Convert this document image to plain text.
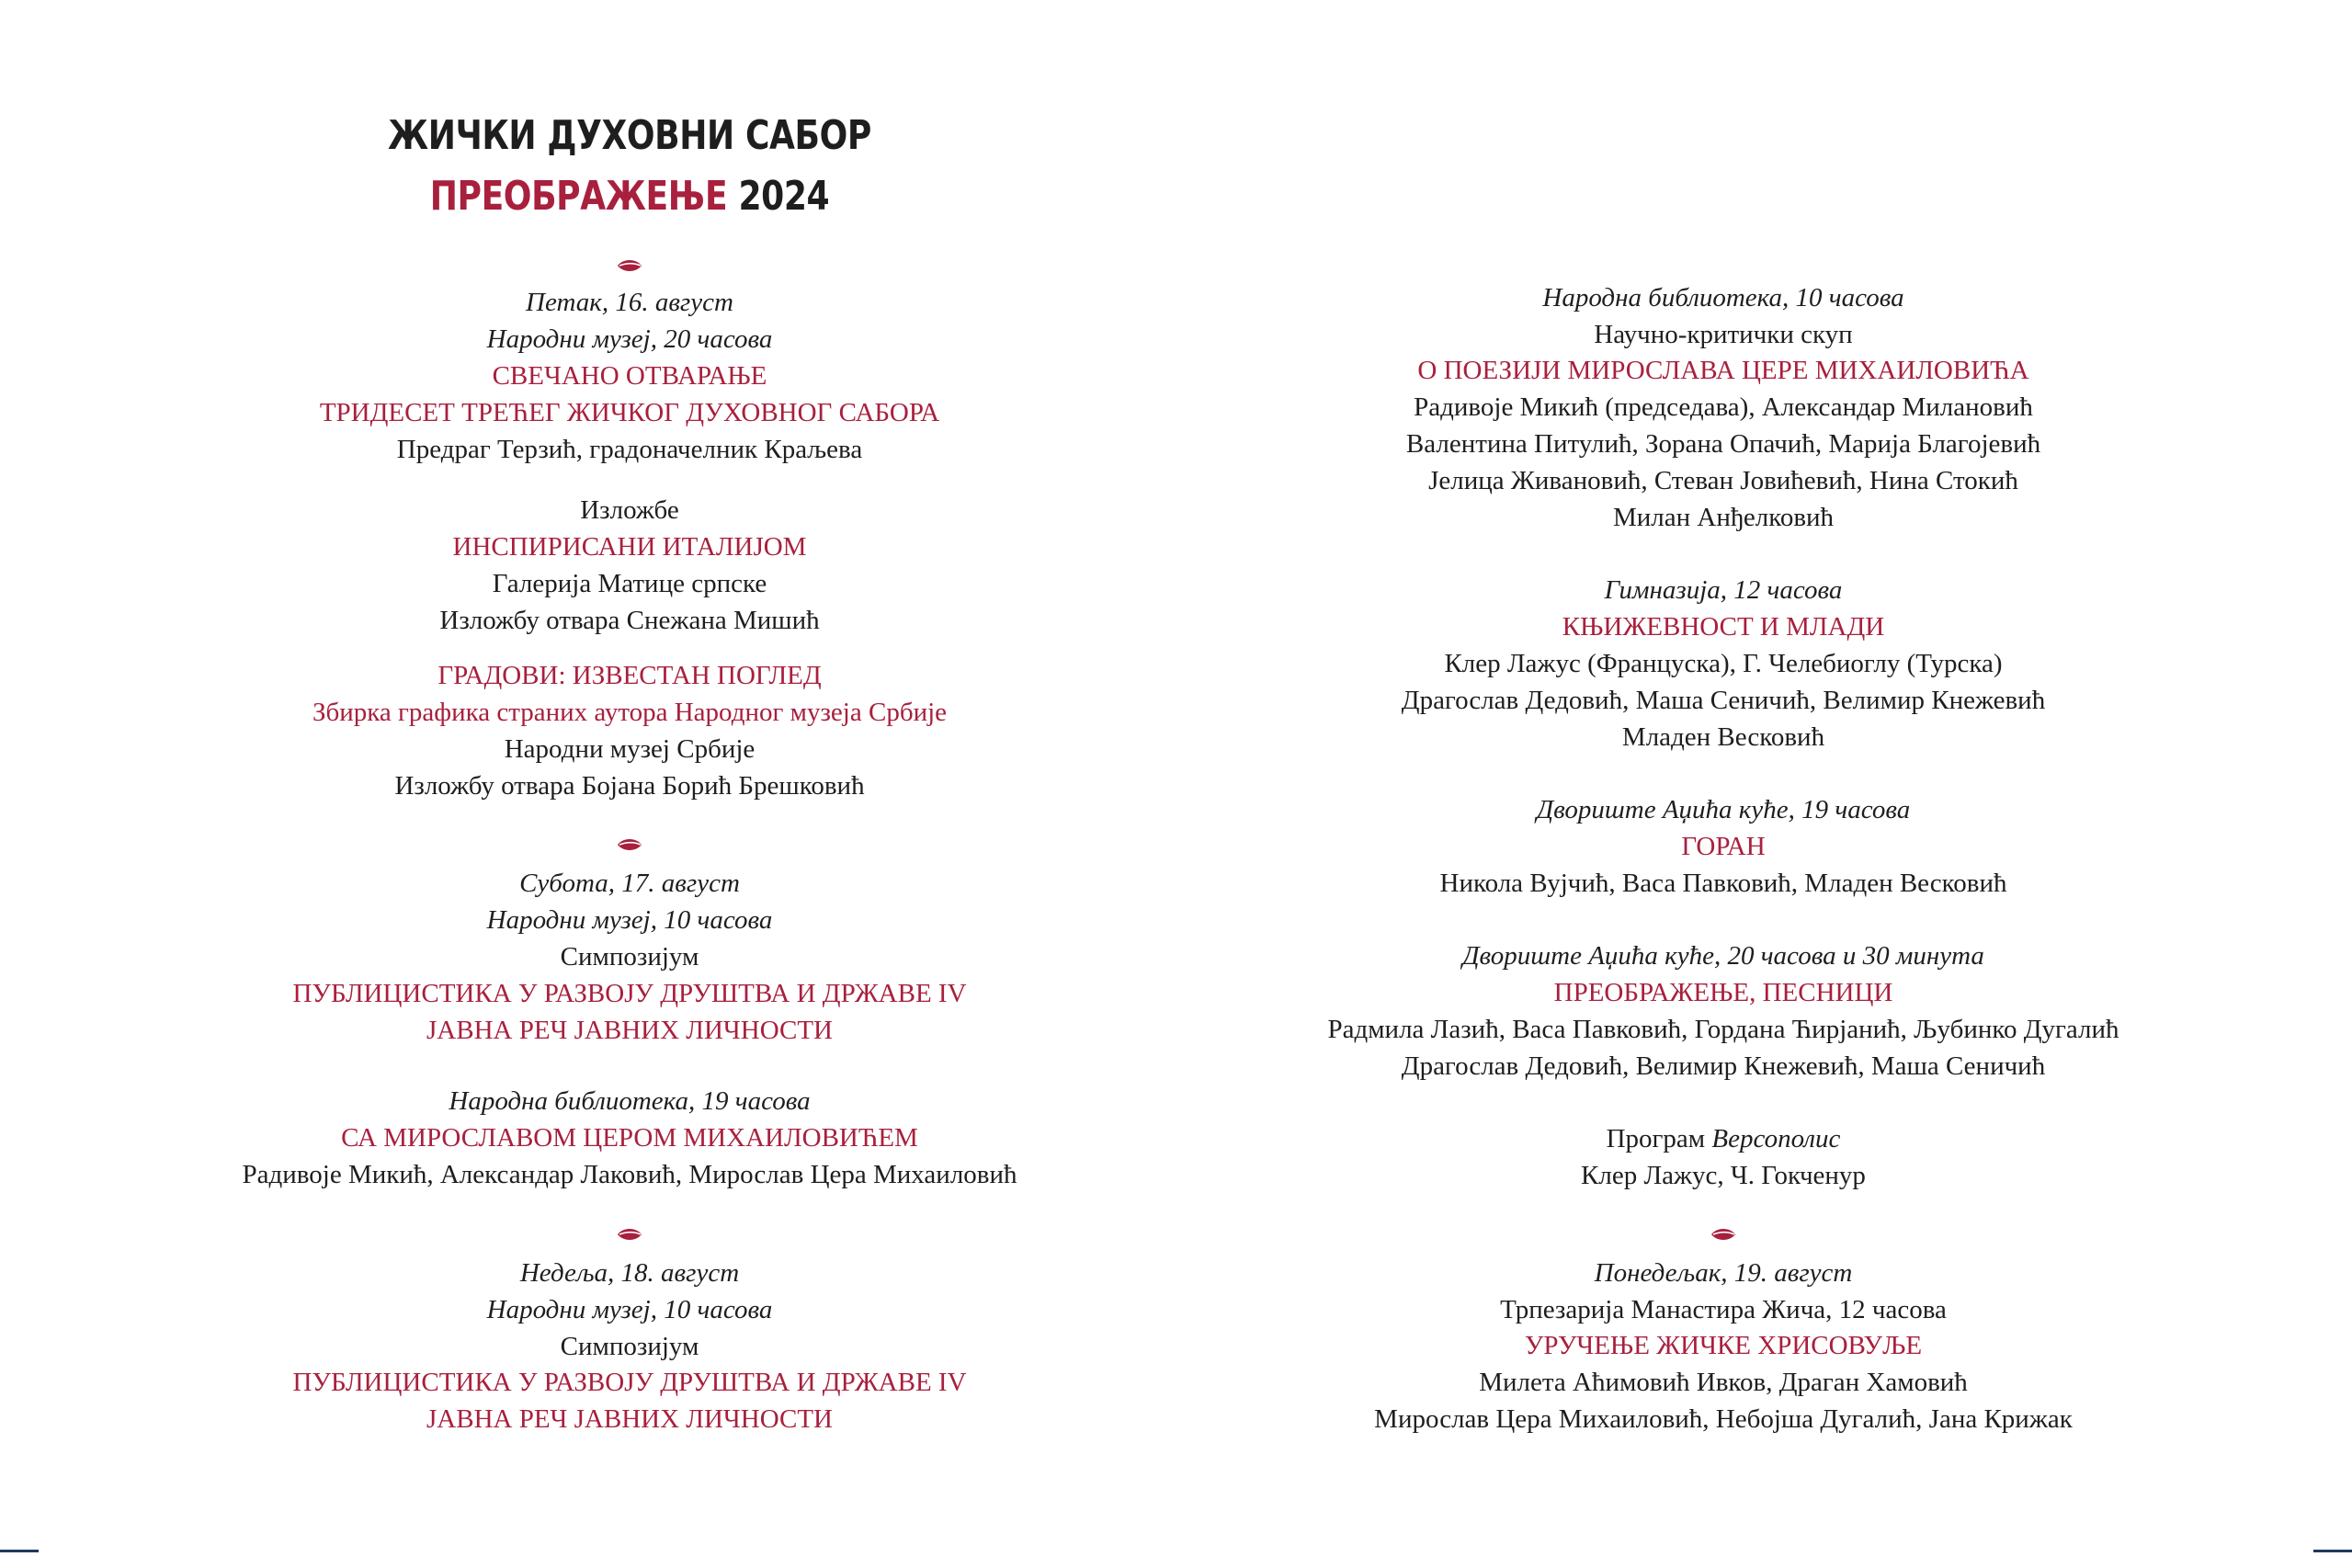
ЖИЧКИ ДУХОВНИ САБОР
ПРЕОБРАЖЕЊЕ 2024
Петак, 16. август
Народни музеј, 20 часова
СВЕЧАНО ОТВАРАЊЕ
ТРИДЕСЕТ ТРЕЋЕГ ЖИЧКОГ ДУХОВНОГ САБОРА
Предраг Терзић, градоначелник Краљева
Изложбе
ИНСПИРИСАНИ ИТАЛИЈОМ
Галерија Матице српске
Изложбу отвара Снежана Мишић
ГРАДОВИ: ИЗВЕСТАН ПОГЛЕД
Збирка графика страних аутора Народног музеја Србије
Народни музеј Србије
Изложбу отвара Бојана Борић Брешковић
Субота, 17. август
Народни музеј, 10 часова
Симпозијум
ПУБЛИЦИСТИКА У РАЗВОЈУ ДРУШТВА И ДРЖАВЕ IV
ЈАВНА РЕЧ ЈАВНИХ ЛИЧНОСТИ
Народна библиотека, 19 часова
СА МИРОСЛАВОМ ЦЕРОМ МИХАИЛОВИЋЕМ
Радивоје Микић, Александар Лаковић, Мирослав Цера Михаиловић
Недеља, 18. август
Народни музеј, 10 часова
Симпозијум
ПУБЛИЦИСТИКА У РАЗВОЈУ ДРУШТВА И ДРЖАВЕ IV
ЈАВНА РЕЧ ЈАВНИХ ЛИЧНОСТИ
Народна библиотека, 10 часова
Научно-критички скуп
О ПОЕЗИЈИ МИРОСЛАВА ЦЕРЕ МИХАИЛОВИЋА
Радивоје Микић (председава), Александар Милановић
Валентина Питулић, Зорана Опачић, Марија Благојевић
Јелица Живановић, Стеван Јовићевић, Нина Стокић
Милан Анђелковић
Гимназија, 12 часова
КЊИЖЕВНОСТ И МЛАДИ
Клер Лажус (Француска), Г. Челебиоглу (Турска)
Драгослав Дедовић, Маша Сеничић, Велимир Кнежевић
Младен Весковић
Двориште Аџића куће, 19 часова
ГОРАН
Никола Вујчић, Васа Павковић, Младен Весковић
Двориште Аџића куће, 20 часова и 30 минута
ПРЕОБРАЖЕЊЕ, ПЕСНИЦИ
Радмила Лазић, Васа Павковић, Гордана Ћирјанић, Љубинко Дугалић
Драгослав Дедовић, Велимир Кнежевић, Маша Сеничић
Програм Версополис
Клер Лажус, Ч. Гокченур
Понедељак, 19. август
Трпезарија Манастира Жича, 12 часова
УРУЧЕЊЕ ЖИЧКЕ ХРИСОВУЉЕ
Милета Аћимовић Ивков, Драган Хамовић
Мирослав Цера Михаиловић, Небојша Дугалић, Јана Крижак
